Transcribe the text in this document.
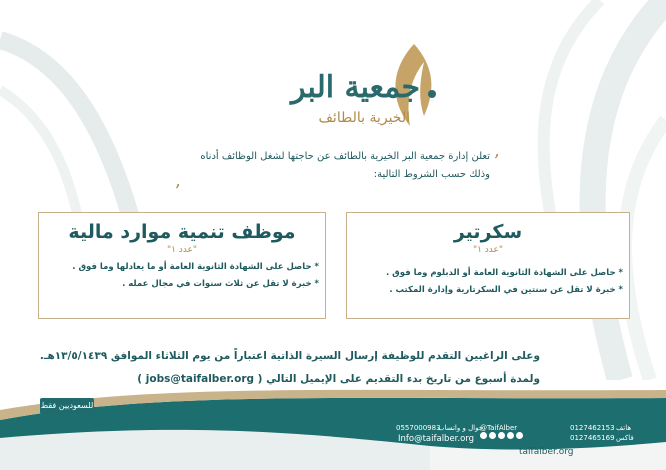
جمعية البر
الخيرية بالطائف
‚
تعلن إدارة جمعية البر الخيرية بالطائف عن حاجتها لشغل الوظائف أدناه
وذلك حسب الشروط التالية:
‚
موظف تنمية موارد مالية
"عدد ١"
* حاصل على الشهادة الثانوية العامة أو ما يعادلها وما فوق .
* خبرة لا تقل عن ثلاث سنوات في مجال عمله .
سكرتير
"عدد ١"
* حاصل على الشهادة الثانوية العامة أو الدبلوم وما فوق .
* خبرة لا تقل عن سنتين في السكرتارية وإدارة المكتب .
وعلى الراغبين التقدم للوظيفة إرسال السيرة الذاتية اعتباراً من يوم الثلاثاء الموافق ١٣/٥/١٤٣٩هـ.
ولمدة أسبوع من تاريخ بدء التقديم على الإيميل التالي ( jobs@taifalber.org )
للسعوديين فقط
هاتف
0127462153
فاكس
0127465169
@TaifAlber
جوال و واتساب
0557000983
Info@taifalber.org
taifalber.org
